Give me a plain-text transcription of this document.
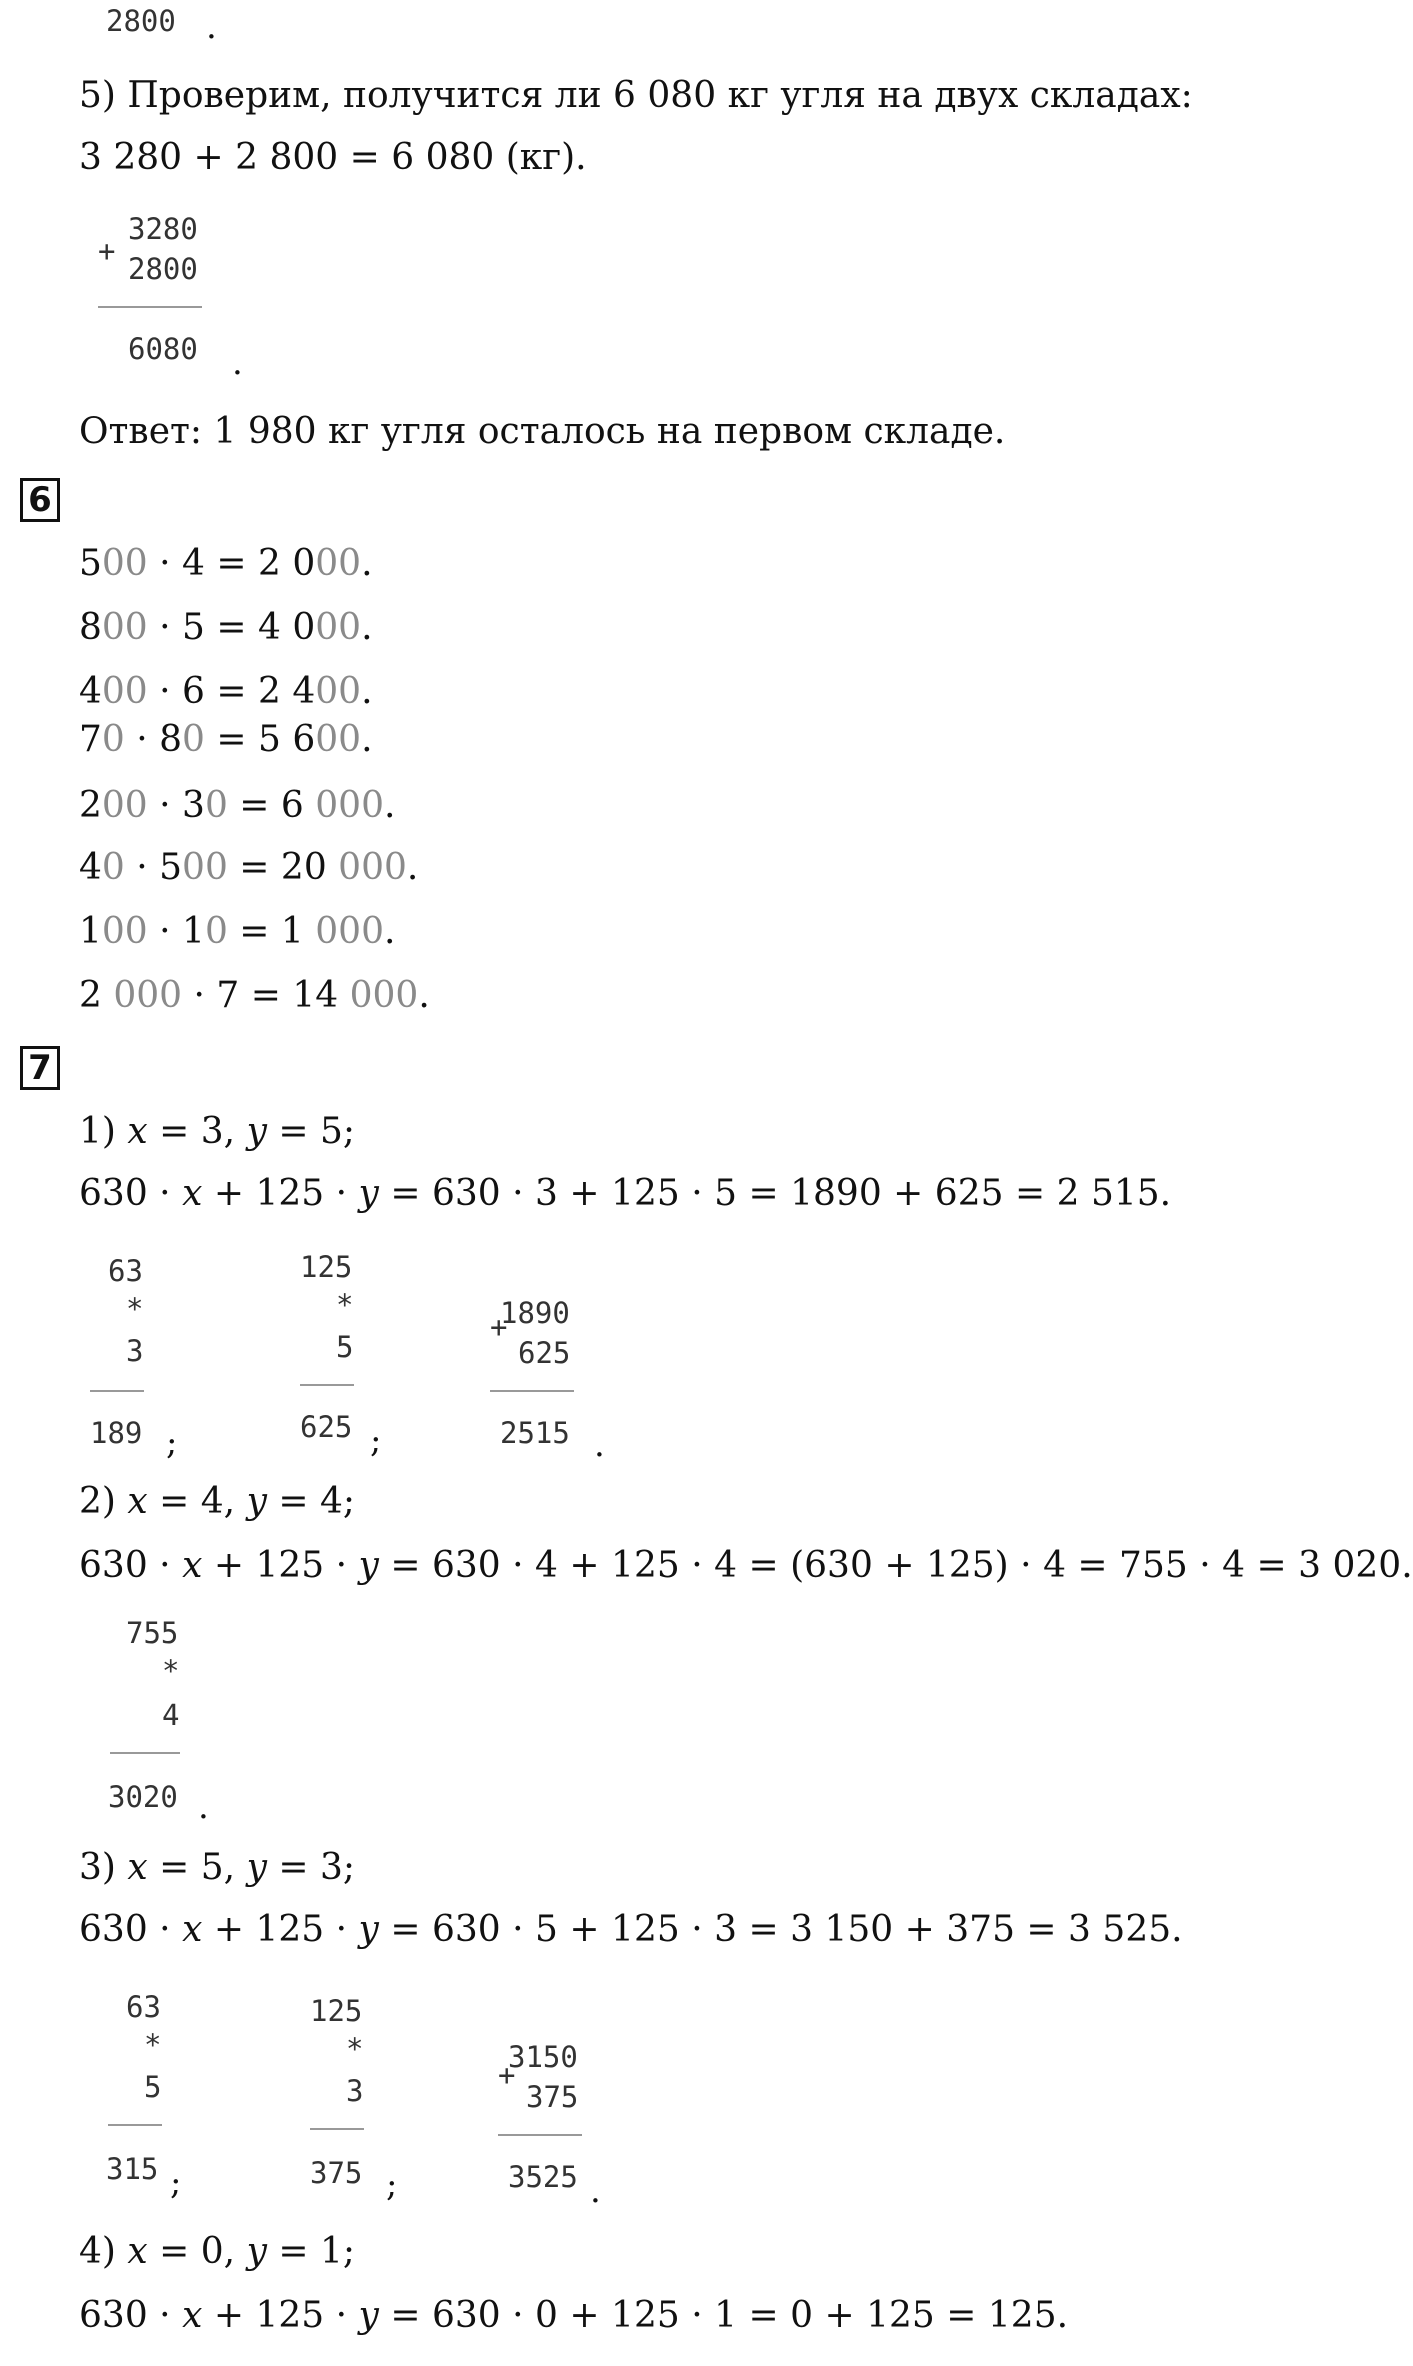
2800 .
5) Проверим, получится ли 6 080 кг угля на двух складах:
3 280 + 2 800 = 6 080 (кг).
3280
+
2800
6080 .
Ответ: 1 980 кг угля осталось на первом складе.
6
500 · 4 = 2 000.
800 · 5 = 4 000.
400 · 6 = 2 400.
70 · 80 = 5 600.
200 · 30 = 6 000.
40 · 500 = 20 000.
100 · 10 = 1 000.
2 000 · 7 = 14 000.
7
1) x = 3, y = 5;
630 · x + 125 · y = 630 · 3 + 125 · 5 = 1890 + 625 = 2 515.
63
*
3
189 ;
125
*
5
625 ;
+
1890
625
2515 .
2) x = 4, y = 4;
630 · x + 125 · y = 630 · 4 + 125 · 4 = (630 + 125) · 4 = 755 · 4 = 3 020.
755
*
4
3020 .
3) x = 5, y = 3;
630 · x + 125 · y = 630 · 5 + 125 · 3 = 3 150 + 375 = 3 525.
63
*
5
315 ;
125
*
3
375 ;
+
3150
375
3525 .
4) x = 0, y = 1;
630 · x + 125 · y = 630 · 0 + 125 · 1 = 0 + 125 = 125.
